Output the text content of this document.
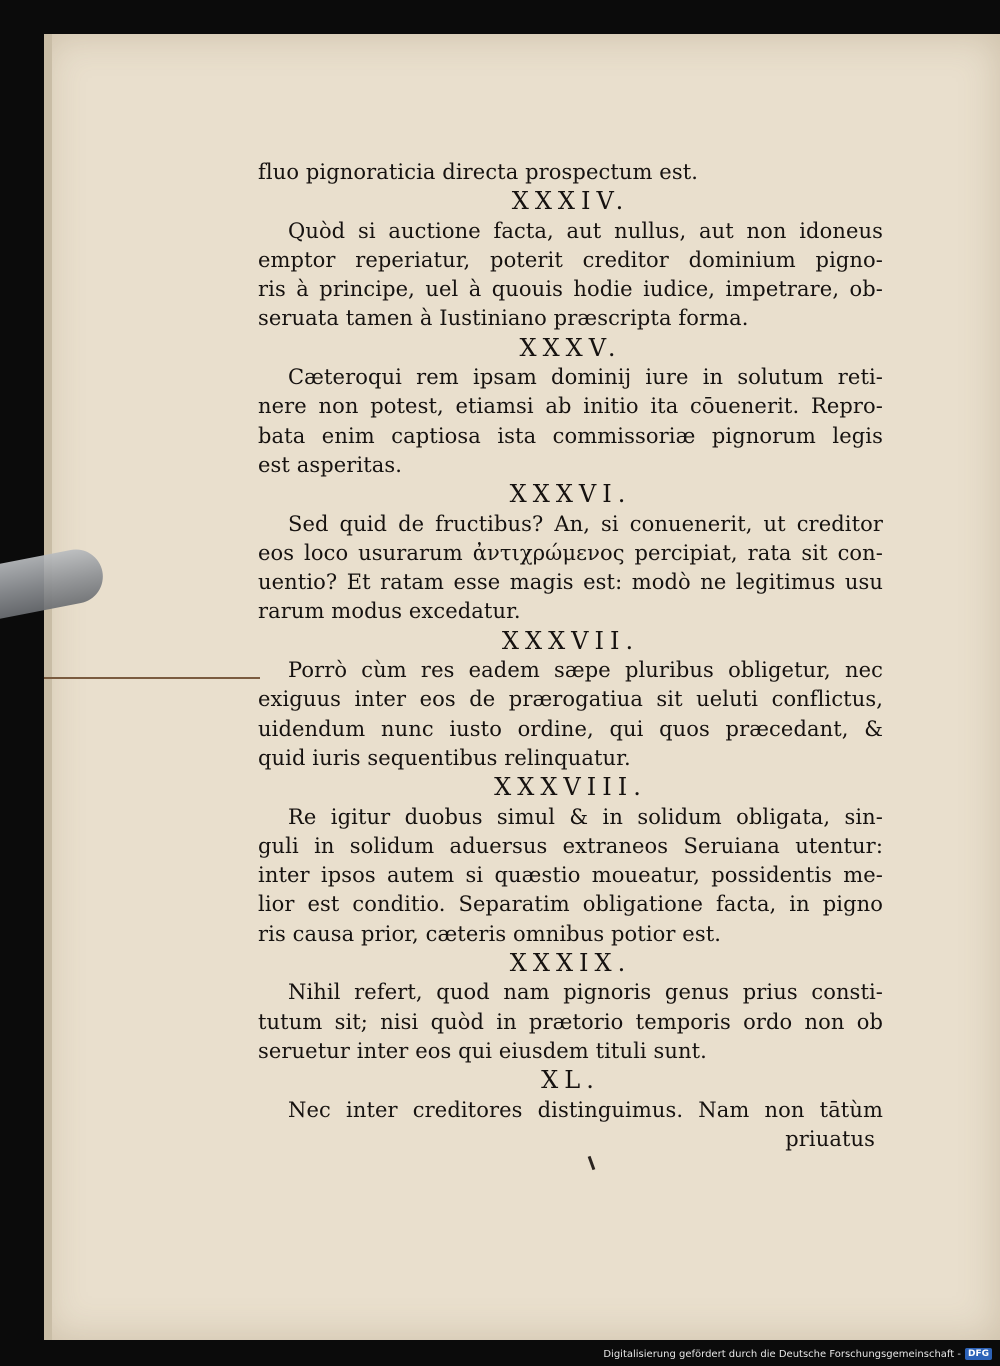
fluo pignoraticia directa prospectum est.
XXXIV.
Quòd si auctione facta, aut nullus, aut non idoneus
emptor reperiatur, poterit creditor dominium pigno-
ris à principe, uel à quouis hodie iudice, impetrare, ob-
seruata tamen à Iustiniano præscripta forma.
XXXV.
Cæteroqui rem ipsam dominij iure in solutum reti-
nere non potest, etiamsi ab initio ita cōuenerit. Repro-
bata enim captiosa ista commissoriæ pignorum legis
est asperitas.
XXXVI.
Sed quid de fructibus? An, si conuenerit, ut creditor
eos loco usurarum ἀντιχρώμενος percipiat, rata sit con-
uentio? Et ratam esse magis est: modò ne legitimus usu
rarum modus excedatur.
XXXVII.
Porrò cùm res eadem sæpe pluribus obligetur, nec
exiguus inter eos de prærogatiua sit ueluti conflictus,
uidendum nunc iusto ordine, qui quos præcedant, &
quid iuris sequentibus relinquatur.
XXXVIII.
Re igitur duobus simul & in solidum obligata, sin-
guli in solidum aduersus extraneos Seruiana utentur:
inter ipsos autem si quæstio moueatur, possidentis me-
lior est conditio. Separatim obligatione facta, in pigno
ris causa prior, cæteris omnibus potior est.
XXXIX.
Nihil refert, quod nam pignoris genus prius consti-
tutum sit; nisi quòd in prætorio temporis ordo non ob
seruetur inter eos qui eiusdem tituli sunt.
XL.
Nec inter creditores distinguimus. Nam non tātùm
priuatus
Digitalisierung gefördert durch die Deutsche Forschungsgemeinschaft - DFG
